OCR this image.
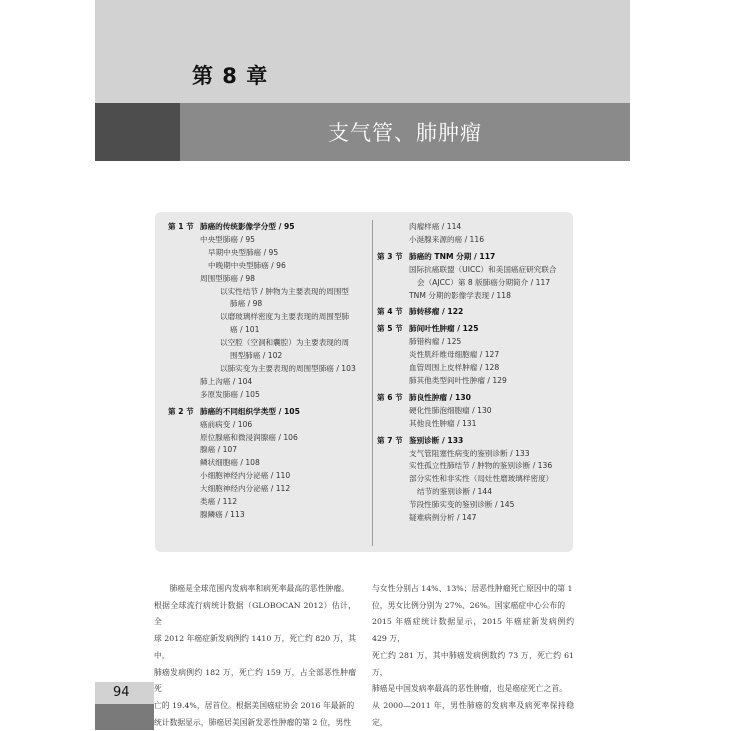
第 8 章
支气管、肺肿瘤
第 1 节 肺癌的传统影像学分型 / 95
中央型肺癌 / 95
早期中央型肺癌 / 95
中晚期中央型肺癌 / 96
周围型肺癌 / 98
以实性结节 / 肿物为主要表现的周围型
肺癌 / 98
以磨玻璃样密度为主要表现的周围型肺
癌 / 101
以空腔（空洞和囊腔）为主要表现的周
围型肺癌 / 102
以肺实变为主要表现的周围型肺癌 / 103
肺上沟癌 / 104
多原发肺癌 / 105
第 2 节 肺癌的不同组织学类型 / 105
癌前病变 / 106
原位腺癌和微浸润腺癌 / 106
腺癌 / 107
鳞状细胞癌 / 108
小细胞神经内分泌癌 / 110
大细胞神经内分泌癌 / 112
类癌 / 112
腺鳞癌 / 113
肉瘤样癌 / 114
小涎腺来源的癌 / 116
第 3 节 肺癌的 TNM 分期 / 117
国际抗癌联盟（UICC）和美国癌症研究联合
会（AJCC）第 8 版肺癌分期简介 / 117
TNM 分期的影像学表现 / 118
第 4 节 肺转移瘤 / 122
第 5 节 肺间叶性肿瘤 / 125
肺错构瘤 / 125
炎性肌纤维母细胞瘤 / 127
血管周围上皮样肿瘤 / 128
肺其他类型间叶性肿瘤 / 129
第 6 节 肺良性肿瘤 / 130
硬化性肺泡细胞瘤 / 130
其他良性肿瘤 / 131
第 7 节 鉴别诊断 / 133
支气管阻塞性病变的鉴别诊断 / 133
实性孤立性肺结节 / 肿物的鉴别诊断 / 136
部分实性和非实性（局灶性磨玻璃样密度）
结节的鉴别诊断 / 144
节段性肺实变的鉴别诊断 / 145
疑难病例分析 / 147

肺癌是全球范围内发病率和病死率最高的恶性肿瘤。

根据全球流行病统计数据（GLOBOCAN 2012）估计，全

球 2012 年癌症新发病例约 1410 万，死亡约 820 万，其中，

肺癌发病例约 182 万，死亡约 159 万，占全部恶性肿瘤死

亡的 19.4%，居首位。根据美国癌症协会 2016 年最新的

统计数据显示，肺癌居美国新发恶性肿瘤的第 2 位，男性

与女性分别占 14%、13%；居恶性肿瘤死亡原因中的第 1

位，男女比例分别为 27%、26%。国家癌症中心公布的

2015 年癌症统计数据显示，2015 年癌症新发病例约 429 万，

死亡约 281 万，其中肺癌发病例数约 73 万，死亡约 61 万，

肺癌是中国发病率最高的恶性肿瘤，也是癌症死亡之首。

从 2000—2011 年，男性肺癌的发病率及病死率保持稳定，

94
